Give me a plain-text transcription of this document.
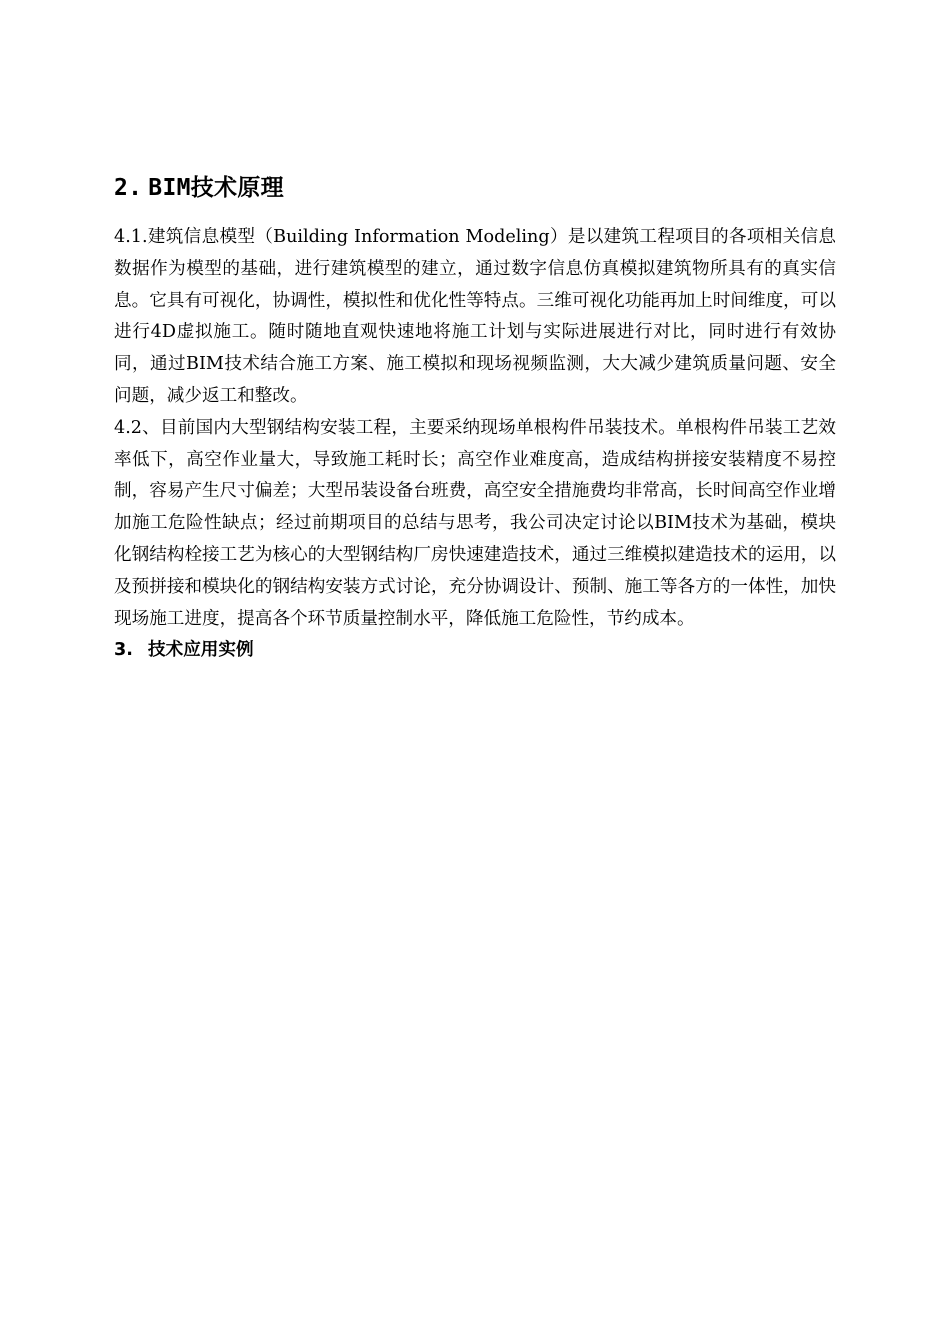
2. BIM技术原理

4.1.建筑信息模型（Building Information Modeling）是以建筑工程项目的各项相关信息数据作为模型的基础，进行建筑模型的建立，通过数字信息仿真模拟建筑物所具有的真实信息。它具有可视化，协调性，模拟性和优化性等特点。三维可视化功能再加上时间维度，可以进行4D虚拟施工。随时随地直观快速地将施工计划与实际进展进行对比，同时进行有效协同，通过BIM技术结合施工方案、施工模拟和现场视频监测，大大减少建筑质量问题、安全问题，减少返工和整改。

4.2、目前国内大型钢结构安装工程，主要采纳现场单根构件吊装技术。单根构件吊装工艺效率低下，高空作业量大，导致施工耗时长；高空作业难度高，造成结构拼接安装精度不易控制，容易产生尺寸偏差；大型吊装设备台班费，高空安全措施费均非常高，长时间高空作业增加施工危险性缺点；经过前期项目的总结与思考，我公司决定讨论以BIM技术为基础，模块化钢结构栓接工艺为核心的大型钢结构厂房快速建造技术，通过三维模拟建造技术的运用，以及预拼接和模块化的钢结构安装方式讨论，充分协调设计、预制、施工等各方的一体性，加快现场施工进度，提高各个环节质量控制水平，降低施工危险性，节约成本。

3. 技术应用实例
